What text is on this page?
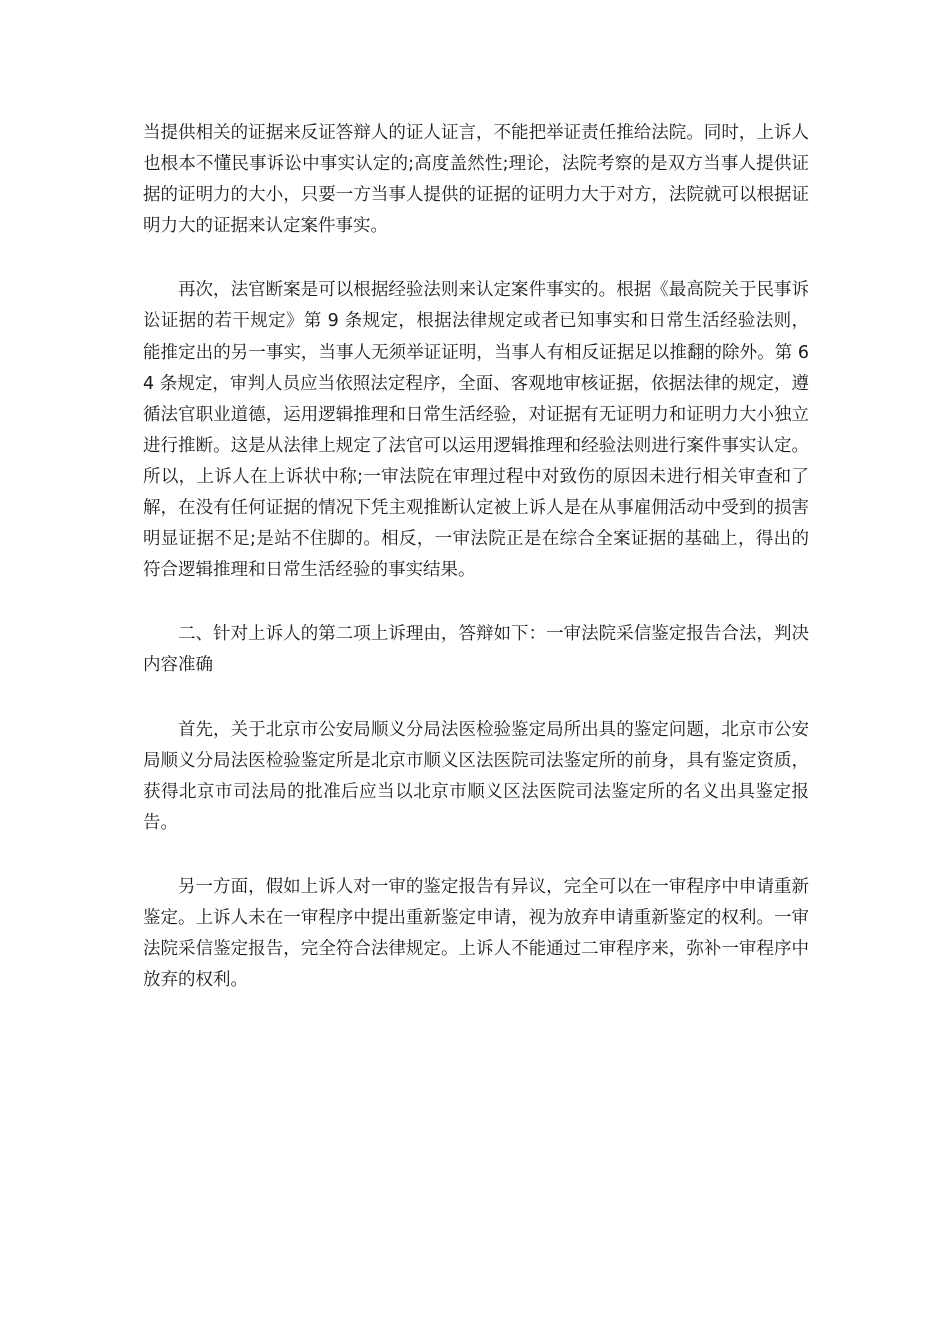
当提供相关的证据来反证答辩人的证人证言，不能把举证责任推给法院。同时，上诉人也根本不懂民事诉讼中事实认定的;高度盖然性;理论，法院考察的是双方当事人提供证据的证明力的大小，只要一方当事人提供的证据的证明力大于对方，法院就可以根据证明力大的证据来认定案件事实。

再次，法官断案是可以根据经验法则来认定案件事实的。根据《最高院关于民事诉讼证据的若干规定》第 9 条规定，根据法律规定或者已知事实和日常生活经验法则，能推定出的另一事实，当事人无须举证证明，当事人有相反证据足以推翻的除外。第 64 条规定，审判人员应当依照法定程序，全面、客观地审核证据，依据法律的规定，遵循法官职业道德，运用逻辑推理和日常生活经验，对证据有无证明力和证明力大小独立进行推断。这是从法律上规定了法官可以运用逻辑推理和经验法则进行案件事实认定。所以，上诉人在上诉状中称;一审法院在审理过程中对致伤的原因未进行相关审查和了解，在没有任何证据的情况下凭主观推断认定被上诉人是在从事雇佣活动中受到的损害明显证据不足;是站不住脚的。相反，一审法院正是在综合全案证据的基础上，得出的符合逻辑推理和日常生活经验的事实结果。

二、针对上诉人的第二项上诉理由，答辩如下：一审法院采信鉴定报告合法，判决内容准确

首先，关于北京市公安局顺义分局法医检验鉴定局所出具的鉴定问题，北京市公安局顺义分局法医检验鉴定所是北京市顺义区法医院司法鉴定所的前身，具有鉴定资质，获得北京市司法局的批准后应当以北京市顺义区法医院司法鉴定所的名义出具鉴定报告。

另一方面，假如上诉人对一审的鉴定报告有异议，完全可以在一审程序中申请重新鉴定。上诉人未在一审程序中提出重新鉴定申请，视为放弃申请重新鉴定的权利。一审法院采信鉴定报告，完全符合法律规定。上诉人不能通过二审程序来，弥补一审程序中放弃的权利。
